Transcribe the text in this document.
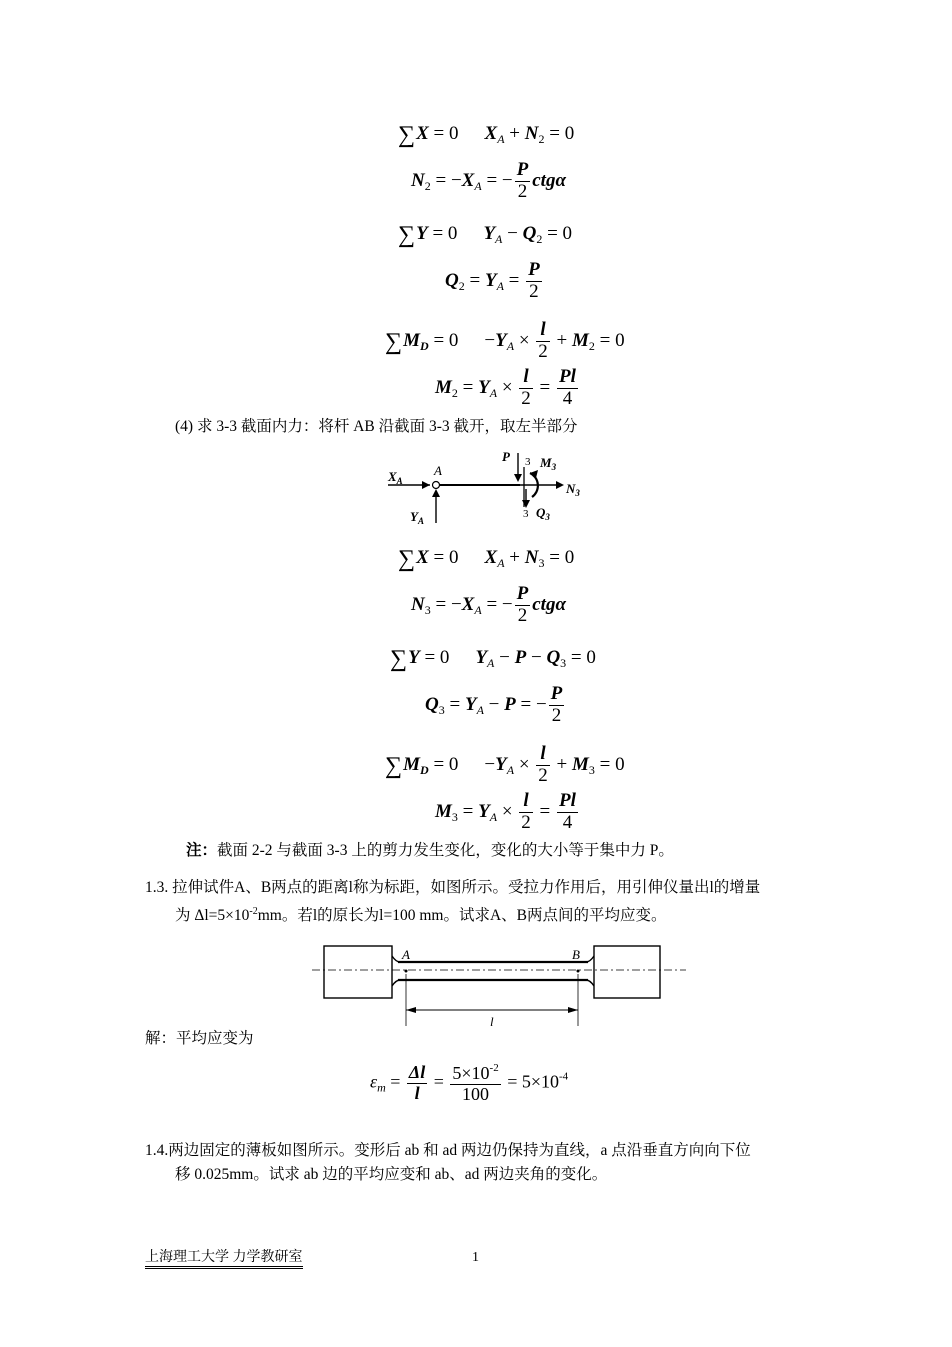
∑X = 0 $X_A + N_2 = 0$
$N_2 = -X_A$ = − $\frac{P}{2}$ ctgα
∑Y = 0 $Y_A - Q_2 = 0$
$Q_2 = Y_A = \frac{P}{2}$
$\sum M_D = 0 -Y_A \times \frac{l}{2} + M_2 = 0$
$M_2 = Y_A \times \frac{l}{2} = \frac{Pl}{4}$
(4) 求 3-3 截面内力：将杆 AB 沿截面 3-3 截开，取左半部分
$X_A$
A
P 3 $M_3$
$N_3$
$Y_A$
3 $Q_3$
∑X = 0 $X_A + N_3 = 0$
$N_3 = -X_A$ = − $\frac{P}{2}$ ctgα
∑Y = 0 $Y_A - P - Q_3 = 0$
$Q_3 = Y_A - P$ = − $\frac{P}{2}$
$\sum M_D = 0 -Y_A \times \frac{l}{2} + M_3 = 0$
$M_3 = Y_A \times \frac{l}{2} = \frac{Pl}{4}$
注：截面 2-2 与截面 3-3 上的剪力发生变化，变化的大小等于集中力 P。
1.3. 拉伸试件A、B两点的距离l称为标距，如图所示。受拉力作用后，用引伸仪量出l的增量
为 $\Delta l=5\times 10^{-2}mm$。若l的原长为l=100 mm。试求A、B两点间的平均应变。
A	B
l
解：平均应变为
$\varepsilon_m = \frac{\Delta l}{l} = \frac{5\times 10^{-2}}{100} = 5\times 10^{-4}$
1.4.两边固定的薄板如图所示。变形后 ab 和 ad 两边仍保持为直线，a 点沿垂直方向向下位
移 0.025mm。试求 ab 边的平均应变和 ab、ad 两边夹角的变化。
上海理工大学 力学教研室	1
